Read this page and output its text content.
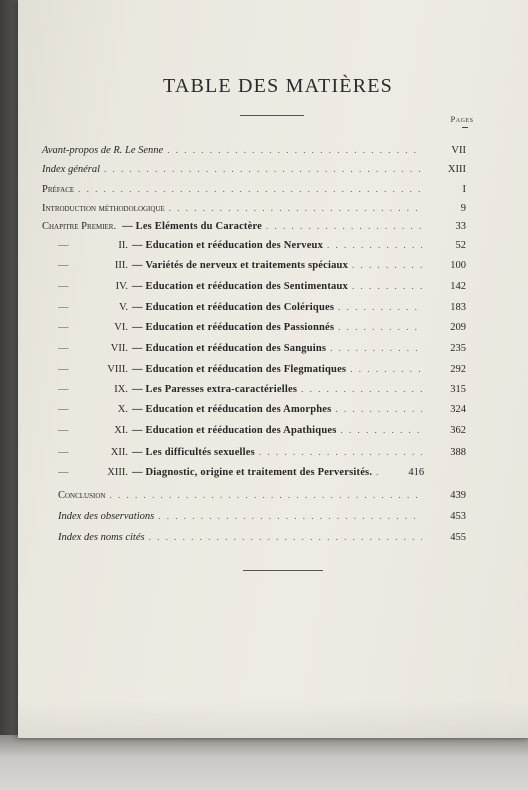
TABLE DES MATIÈRES
Pages
Avant-propos de R. Le Senne . . .	VII
Index général . . .	XIII
Préface . . .	I
Introduction méthodologique . . .	9
Chapitre Premier. — Les Eléments du Caractère . . .	33
—	II. — Education et rééducation des Nerveux . . .	52
—	III. — Variétés de nerveux et traitements spéciaux . . .	100
—	IV. — Education et rééducation des Sentimentaux . . .	142
—	V. — Education et rééducation des Colériques . . .	183
—	VI. — Education et rééducation des Passionnés . . .	209
—	VII. — Education et rééducation des Sanguins . . .	235
—	VIII. — Education et rééducation des Flegmatiques . . .	292
—	IX. — Les Paresses extra-caractérielles . . .	315
—	X. — Education et rééducation des Amorphes . . .	324
—	XI. — Education et rééducation des Apathiques . . .	362
—	XII. — Les difficultés sexuelles . . .	388
—	XIII. — Diagnostic, origine et traitement des Perversités. . . .	416
Conclusion . . .	439
Index des observations . . .	453
Index des noms cités . . .	455
